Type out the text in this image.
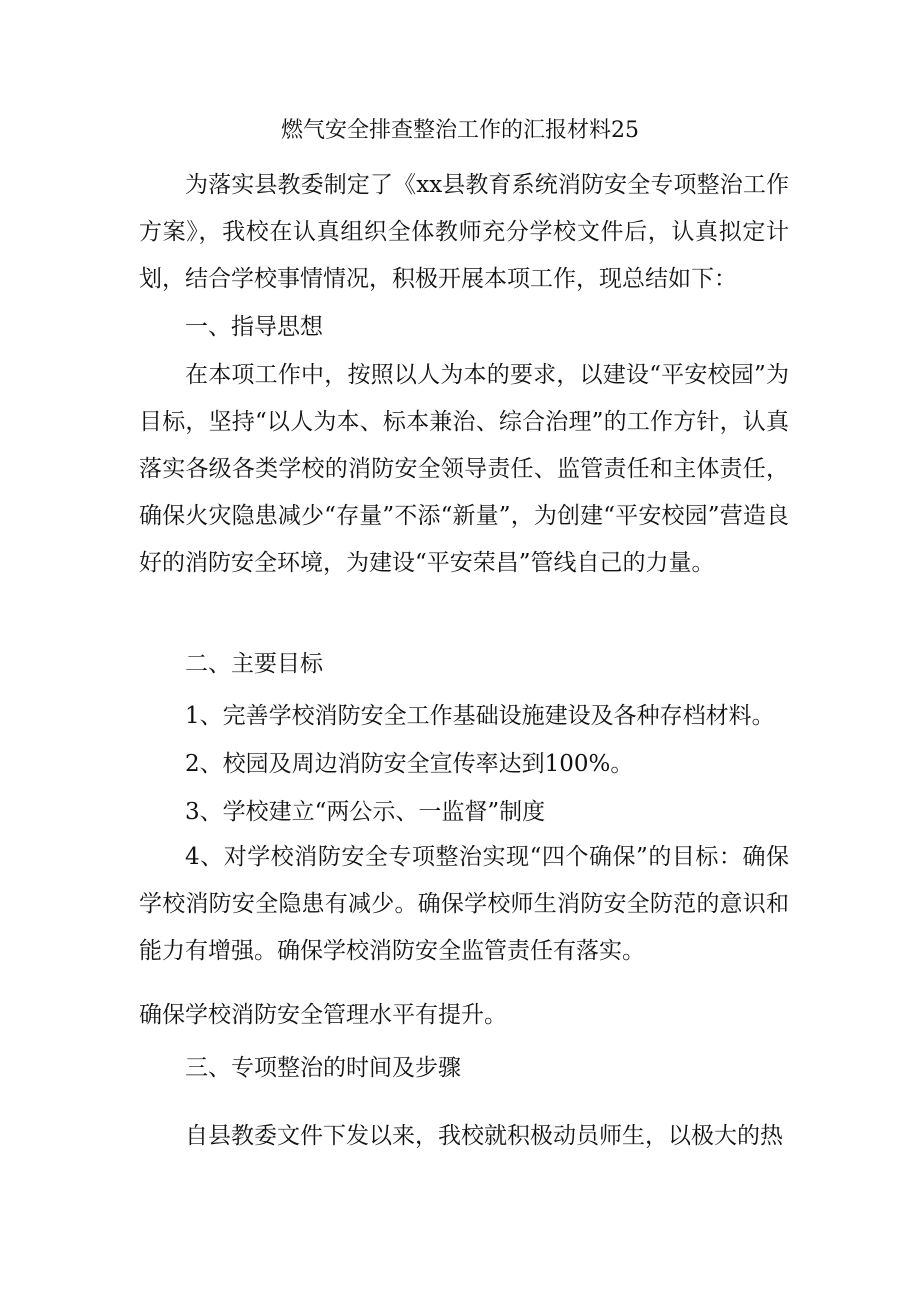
燃气安全排查整治工作的汇报材料25

为落实县教委制定了《xx县教育系统消防安全专项整治工作方案》，我校在认真组织全体教师充分学校文件后，认真拟定计划，结合学校事情情况，积极开展本项工作，现总结如下：

一、指导思想

在本项工作中，按照以人为本的要求，以建设“平安校园”为目标，坚持“以人为本、标本兼治、综合治理”的工作方针，认真落实各级各类学校的消防安全领导责任、监管责任和主体责任，确保火灾隐患减少“存量”不添“新量”，为创建“平安校园”营造良好的消防安全环境，为建设“平安荣昌”管线自己的力量。

二、主要目标

1、完善学校消防安全工作基础设施建设及各种存档材料。

2、校园及周边消防安全宣传率达到100%。

3、学校建立“两公示、一监督”制度

4、对学校消防安全专项整治实现“四个确保”的目标：确保学校消防安全隐患有减少。确保学校师生消防安全防范的意识和能力有增强。确保学校消防安全监管责任有落实。

确保学校消防安全管理水平有提升。

三、专项整治的时间及步骤

自县教委文件下发以来，我校就积极动员师生，以极大的热
